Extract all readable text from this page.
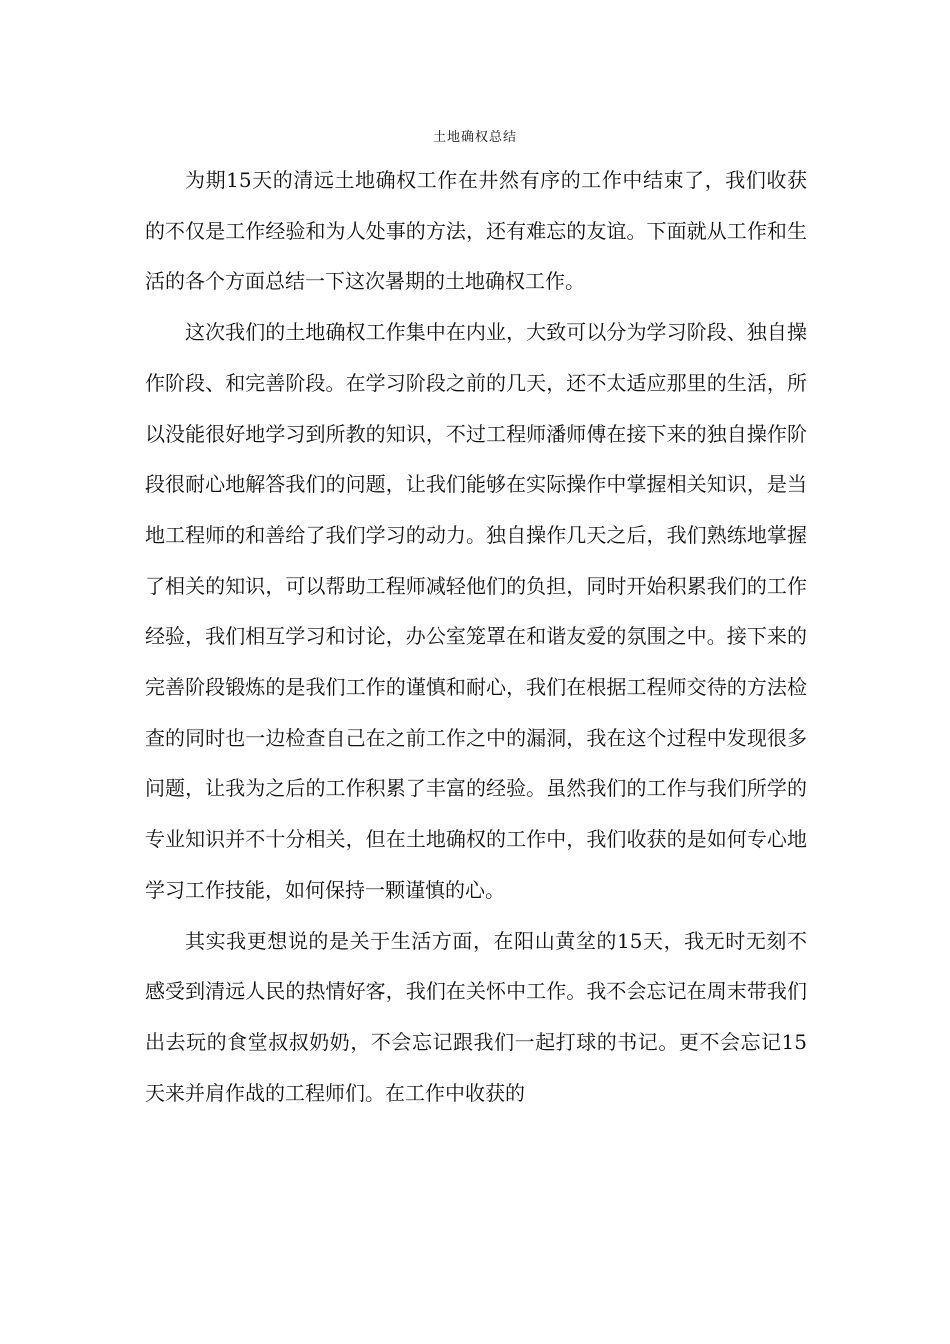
土地确权总结

为期15天的清远土地确权工作在井然有序的工作中结束了，我们收获的不仅是工作经验和为人处事的方法，还有难忘的友谊。下面就从工作和生活的各个方面总结一下这次暑期的土地确权工作。

这次我们的土地确权工作集中在内业，大致可以分为学习阶段、独自操作阶段、和完善阶段。在学习阶段之前的几天，还不太适应那里的生活，所以没能很好地学习到所教的知识，不过工程师潘师傅在接下来的独自操作阶段很耐心地解答我们的问题，让我们能够在实际操作中掌握相关知识，是当地工程师的和善给了我们学习的动力。独自操作几天之后，我们熟练地掌握了相关的知识，可以帮助工程师减轻他们的负担，同时开始积累我们的工作经验，我们相互学习和讨论，办公室笼罩在和谐友爱的氛围之中。接下来的完善阶段锻炼的是我们工作的谨慎和耐心，我们在根据工程师交待的方法检查的同时也一边检查自己在之前工作之中的漏洞，我在这个过程中发现很多问题，让我为之后的工作积累了丰富的经验。虽然我们的工作与我们所学的专业知识并不十分相关，但在土地确权的工作中，我们收获的是如何专心地学习工作技能，如何保持一颗谨慎的心。

其实我更想说的是关于生活方面，在阳山黄坌的15天，我无时无刻不感受到清远人民的热情好客，我们在关怀中工作。我不会忘记在周末带我们出去玩的食堂叔叔奶奶，不会忘记跟我们一起打球的书记。更不会忘记15天来并肩作战的工程师们。在工作中收获的
